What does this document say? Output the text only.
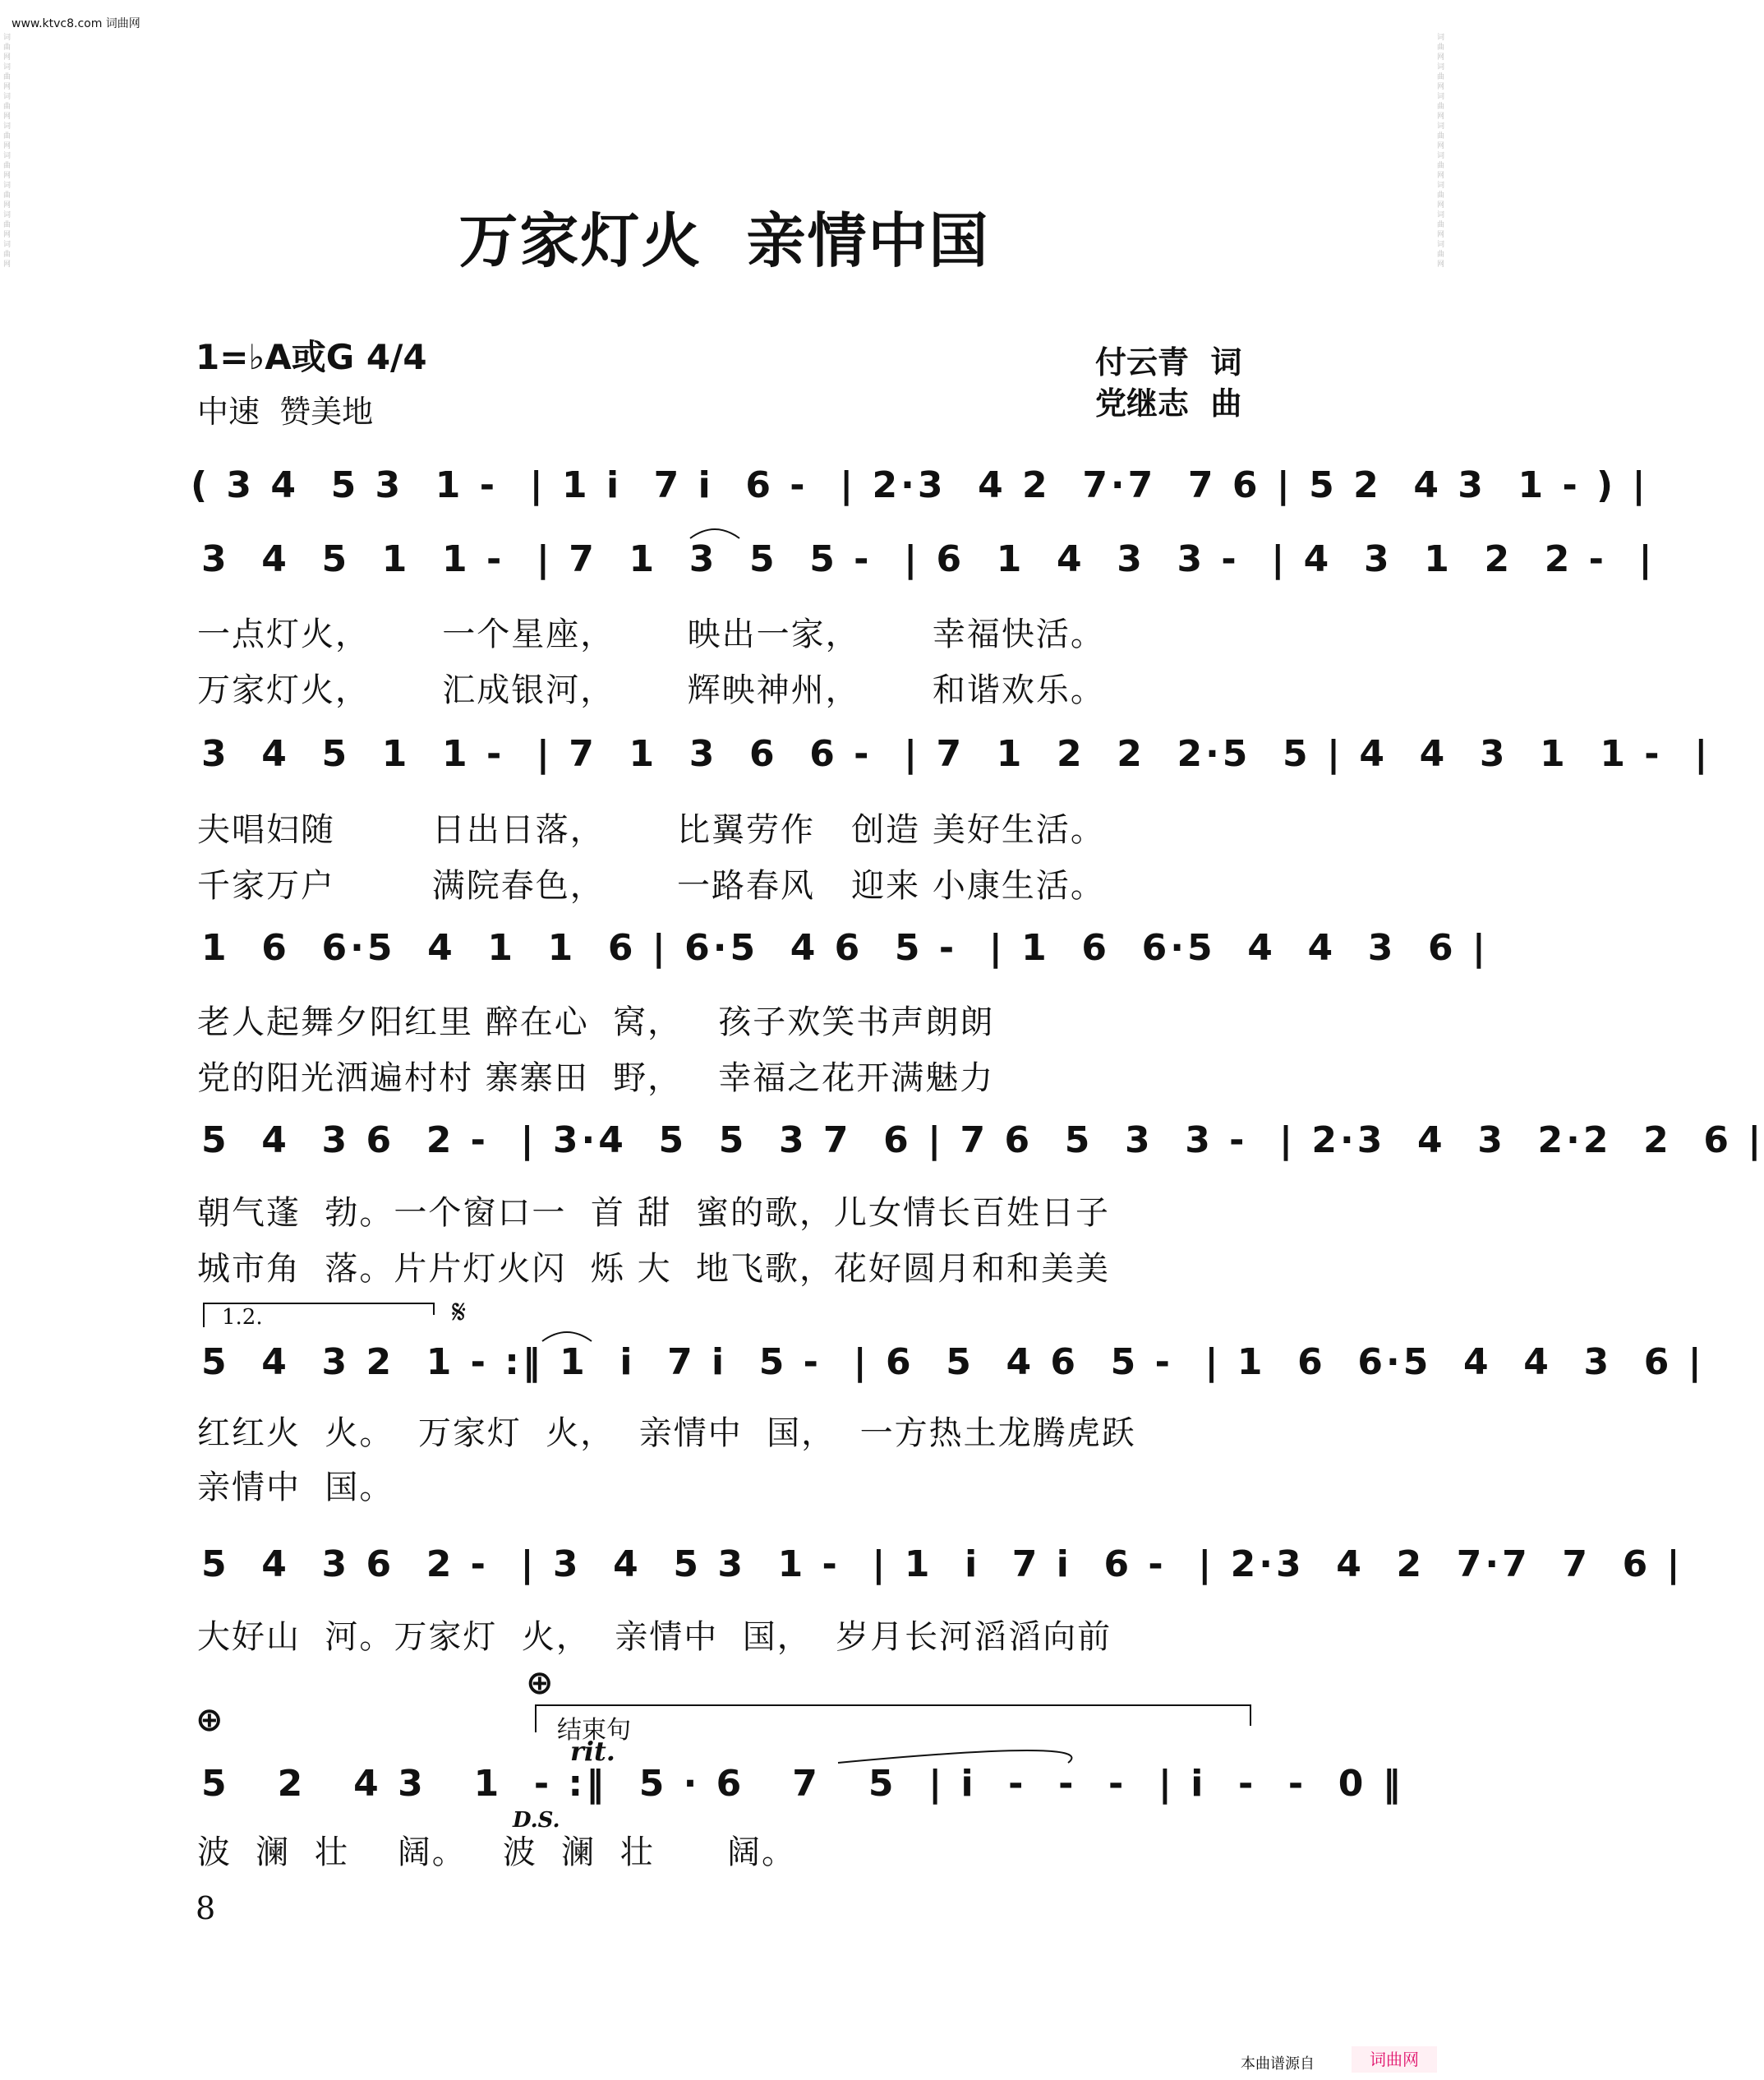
词曲网词曲网词曲网词曲网词曲网词曲网词曲网词曲网
词曲网词曲网词曲网词曲网词曲网词曲网词曲网词曲网
www.ktvc8.com 词曲网
万家灯火  亲情中国
1=♭A或G 4/4
中速  赞美地
付云青  词
党继志  曲
( 3 4  5 3  1 -  | 1 i  7 i  6 -  | 2·3  4 2  7·7  7 6 | 5 2  4 3  1 - ) |
3  4  5  1  1 -  | 7  1  3  5  5 -  | 6  1  4  3  3 -  | 4  3  1  2  2 -  |
一点灯火，      一个星座，      映出一家，      幸福快活。
万家灯火，      汇成银河，      辉映神州，      和谐欢乐。
3  4  5  1  1 -  | 7  1  3  6  6 -  | 7  1  2  2  2·5  5 | 4  4  3  1  1 -  |
夫唱妇随        日出日落，      比翼劳作   创造 美好生活。
千家万户        满院春色，      一路春风   迎来 小康生活。
1  6  6·5  4  1  1  6 | 6·5  4 6  5 -  | 1  6  6·5  4  4  3  6 |
老人起舞夕阳红里 醉在心  窝，   孩子欢笑书声朗朗
党的阳光洒遍村村 寨寨田  野，   幸福之花开满魅力
5  4  3 6  2 -  | 3·4  5  5  3 7  6 | 7 6  5  3  3 -  | 2·3  4  3  2·2  2  6 |
朝气蓬  勃。一个窗口一  首 甜  蜜的歌，儿女情长百姓日子
城市角  落。片片灯火闪  烁 大  地飞歌，花好圆月和和美美
1.2.	𝄋
5  4  3 2  1 - :‖ 1  i  7 i  5 -  | 6  5  4 6  5 -  | 1  6  6·5  4  4  3  6 |
红红火  火。  万家灯  火，  亲情中  国，  一方热土龙腾虎跃
亲情中  国。
5  4  3 6  2 -  | 3  4  5 3  1 -  | 1  i  7 i  6 -  | 2·3  4  2  7·7  7  6 |
大好山  河。万家灯  火，  亲情中  国，  岁月长河滔滔向前
⊕
⊕
结束句
rit.
D.S.
5   2   4 3   1  - :‖  5 · 6   7   5  | i  -  -  -  | i  -  -  0 ‖
波  澜  壮    阔。   波  澜  壮      阔。
8
本曲谱源自	词曲网
